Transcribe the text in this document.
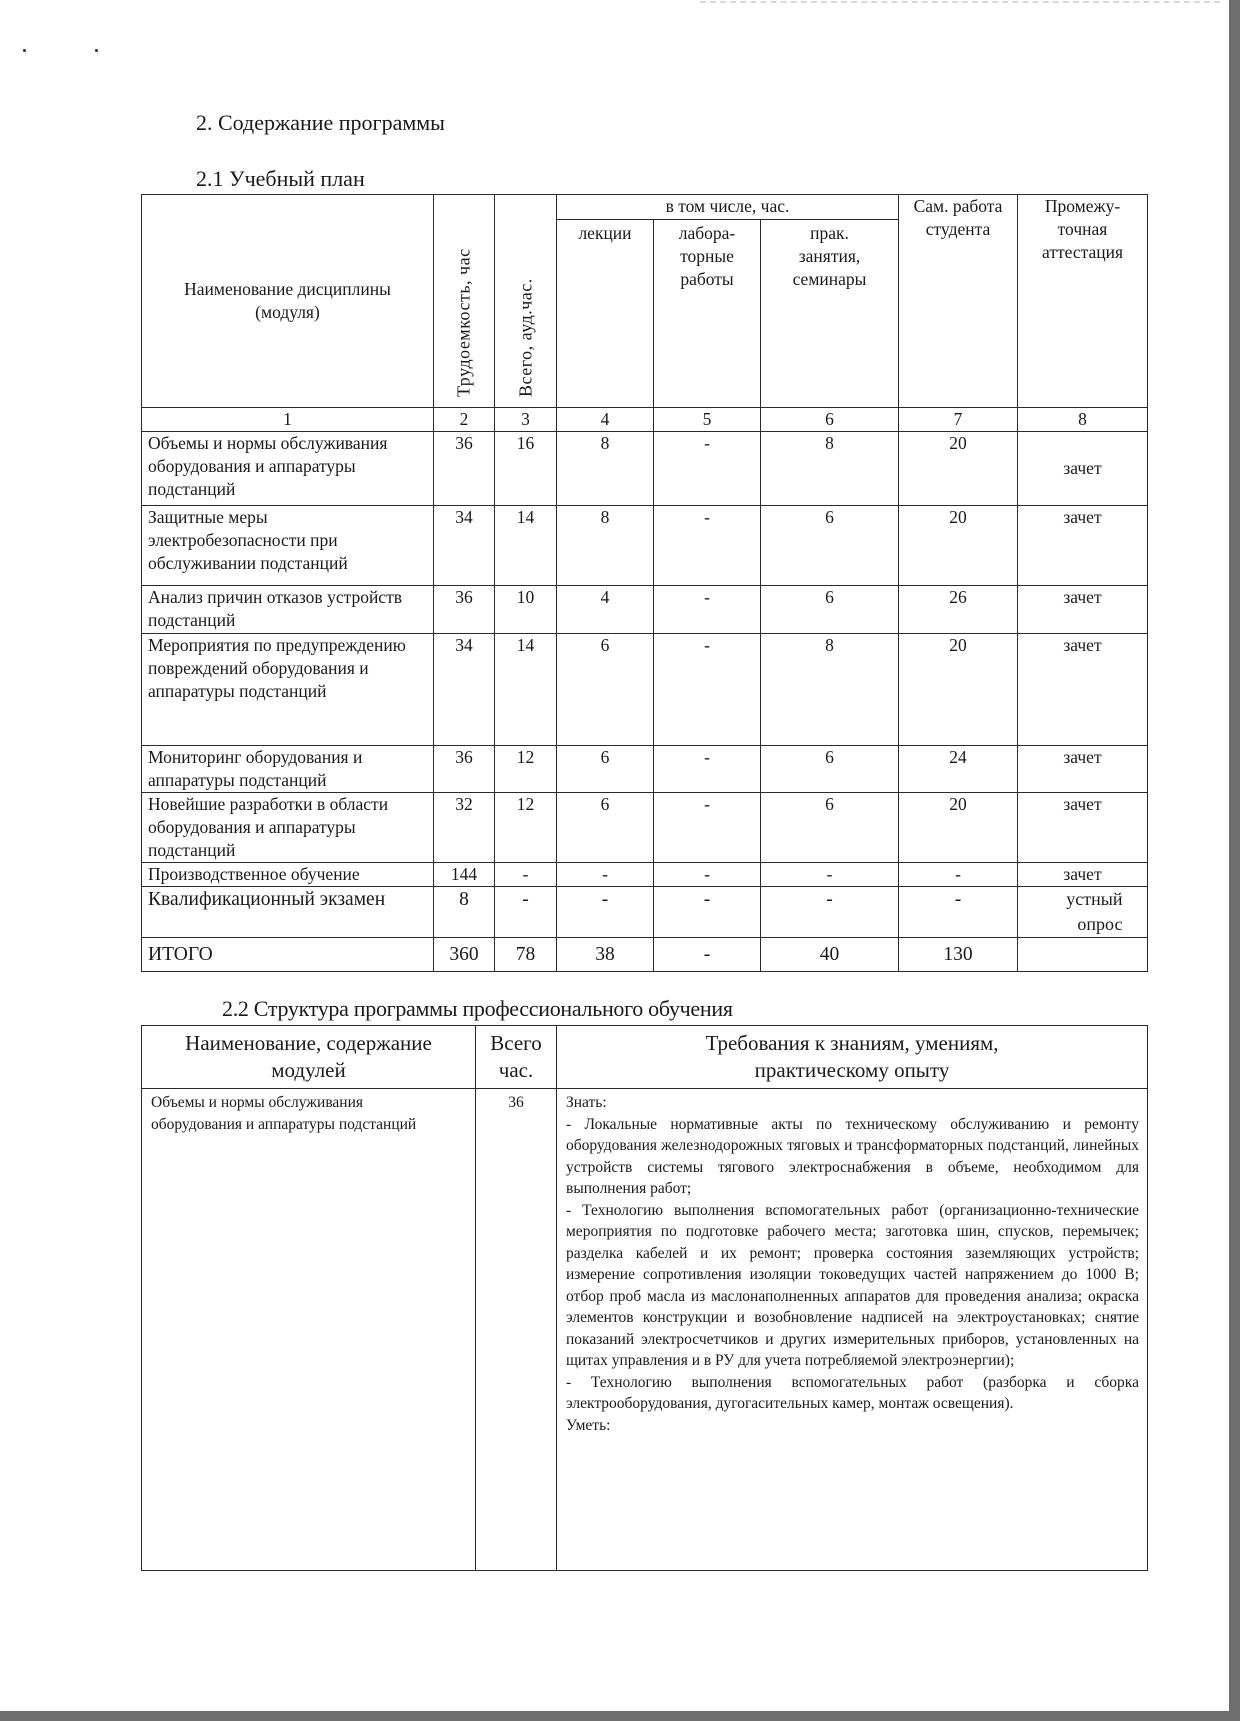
2. Содержание программы
2.1 Учебный план
Наименование дисциплины (модуля)	Трудоемкость, час	Всего, ауд.час.	в том числе, час.			Сам. работа студента	Промежу-точная аттестация
			лекции	лабора-торные работы	прак. занятия, семинары		
1	2	3	4	5	6	7	8
Объемы и нормы обслуживания оборудования и аппаратуры подстанций	36	16	8	-	8	20	зачет
Защитные меры электробезопасности при обслуживании подстанций	34	14	8	-	6	20	зачет
Анализ причин отказов устройств подстанций	36	10	4	-	6	26	зачет
Мероприятия по предупреждению повреждений оборудования и аппаратуры подстанций	34	14	6	-	8	20	зачет
Мониторинг оборудования и аппаратуры подстанций	36	12	6	-	6	24	зачет
Новейшие разработки в области оборудования и аппаратуры подстанций	32	12	6	-	6	20	зачет
Производственное обучение	144	-	-	-	-	-	зачет
Квалификационный экзамен	8	-	-	-	-	-	устный опрос
ИТОГО	360	78	38	-	40	130	
2.2 Структура программы профессионального обучения
Наименование, содержание модулей	Всего час.	Требования к знаниям, умениям, практическому опыту
Объемы и нормы обслуживания оборудования и аппаратуры подстанций	36	Знать:
- Локальные нормативные акты по техническому обслуживанию и ремонту оборудования железнодорожных тяговых и трансформаторных подстанций, линейных устройств системы тягового электроснабжения в объеме, необходимом для выполнения работ;
- Технологию выполнения вспомогательных работ (организационно-технические мероприятия по подготовке рабочего места; заготовка шин, спусков, перемычек; разделка кабелей и их ремонт; проверка состояния заземляющих устройств; измерение сопротивления изоляции токоведущих частей напряжением до 1000 В; отбор проб масла из маслонаполненных аппаратов для проведения анализа; окраска элементов конструкции и возобновление надписей на электроустановках; снятие показаний электросчетчиков и других измерительных приборов, установленных на щитах управления и в РУ для учета потребляемой электроэнергии);
- Технологию выполнения вспомогательных работ (разборка и сборка электрооборудования, дугогасительных камер, монтаж освещения).
Уметь:
